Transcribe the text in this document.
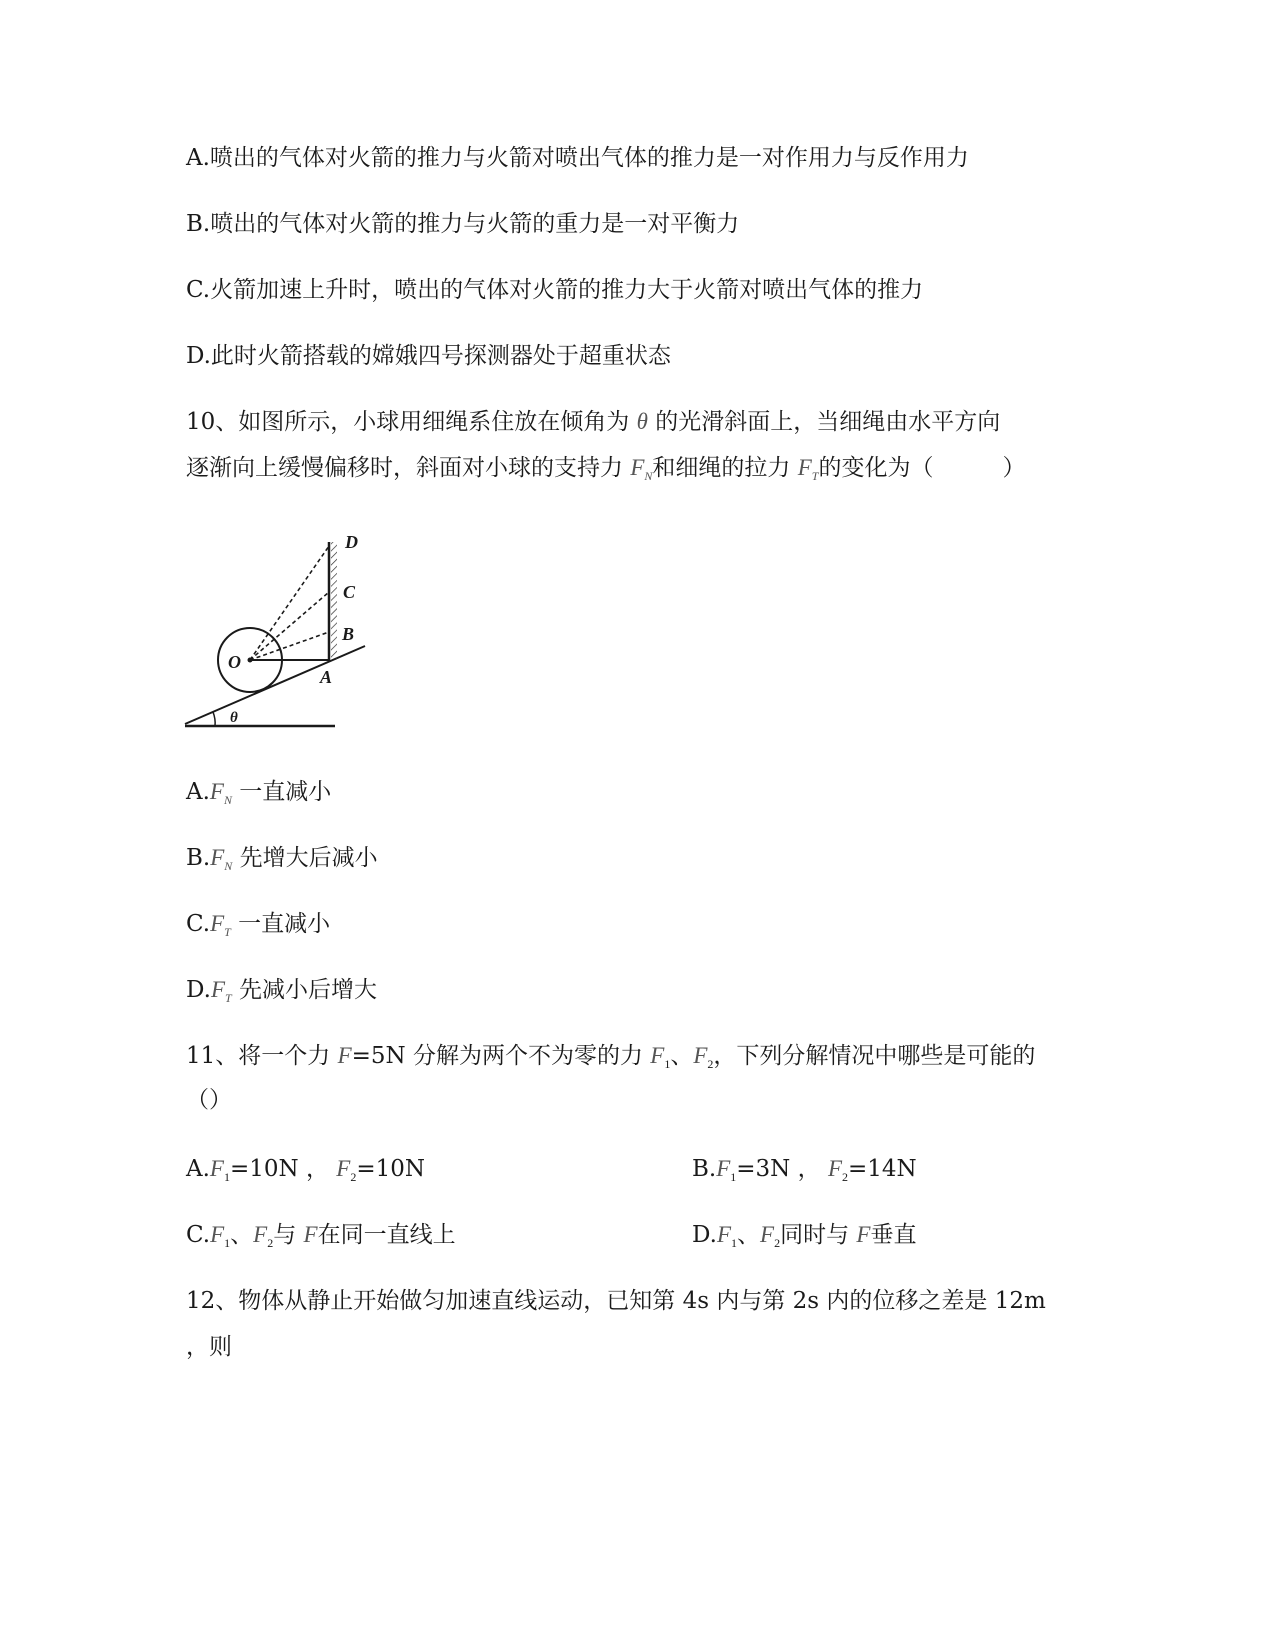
A.喷出的气体对火箭的推力与火箭对喷出气体的推力是一对作用力与反作用力
B.喷出的气体对火箭的推力与火箭的重力是一对平衡力
C.火箭加速上升时，喷出的气体对火箭的推力大于火箭对喷出气体的推力
D.此时火箭搭载的嫦娥四号探测器处于超重状态
10、如图所示，小球用细绳系住放在倾角为 θ 的光滑斜面上，当细绳由水平方向
逐渐向上缓慢偏移时，斜面对小球的支持力 $F_N$和细绳的拉力 $F_T$的变化为（　　　）
O
A
B
C
D
θ
$A.F_N$ 一直减小
$B.F_N$ 先增大后减小
$C.F_T$ 一直减小
$D.F_T$ 先减小后增大
11、将一个力 F=5N 分解为两个不为零的力 $F_1$、$F_2$，下列分解情况中哪些是可能的
（）
$A.F_1=10N$ ， $F_2=10N$	$B.F_1=3N$ ， $F_2=14N$
$C.F_1$、$F_2$与 F在同一直线上	$D.F_1$、$F_2$同时与 F垂直
12、物体从静止开始做匀加速直线运动，已知第 4s 内与第 2s 内的位移之差是 12m
，则
